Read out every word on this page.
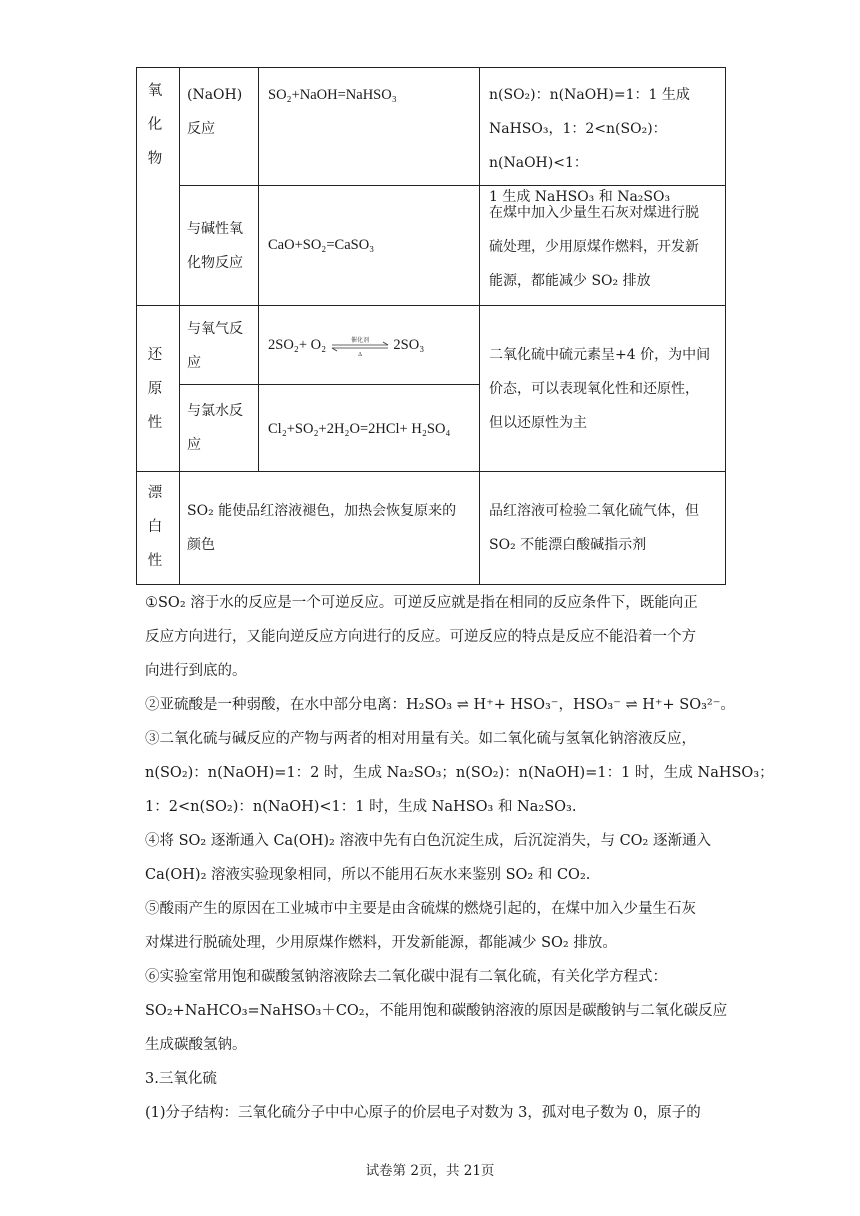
氧
化
物
(NaOH)
反应
SO₂+NaOH=NaHSO₃	n(SO₂)：n(NaOH)=1：1 生成
NaHSO₃，1：2<n(SO₂)：n(NaOH)<1：
1 生成 NaHSO₃ 和 Na₂SO₃
与碱性氧
化物反应
CaO+SO₂=CaSO₃
在煤中加入少量生石灰对煤进行脱
硫处理，少用原煤作燃料，开发新
能源，都能减少 SO₂ 排放
还
原
性
与氧气反
应
2SO₂+ O₂	催化剂
Δ
2SO₃
与氯水反
应
Cl₂+SO₂+2H₂O=2HCl+ H₂SO₄
二氧化硫中硫元素呈+4 价，为中间
价态，可以表现氧化性和还原性，
但以还原性为主
漂
白
性
SO₂ 能使品红溶液褪色，加热会恢复原来的
颜色
品红溶液可检验二氧化硫气体，但
SO₂ 不能漂白酸碱指示剂
①SO₂ 溶于水的反应是一个可逆反应。可逆反应就是指在相同的反应条件下，既能向正
反应方向进行，又能向逆反应方向进行的反应。可逆反应的特点是反应不能沿着一个方
向进行到底的。
②亚硫酸是一种弱酸，在水中部分电离：H₂SO₃ ⇌ H⁺+ HSO₃⁻，HSO₃⁻ ⇌ H⁺+ SO₃²⁻。
③二氧化硫与碱反应的产物与两者的相对用量有关。如二氧化硫与氢氧化钠溶液反应，
n(SO₂)：n(NaOH)=1：2 时，生成 Na₂SO₃；n(SO₂)：n(NaOH)=1：1 时，生成 NaHSO₃；
1：2<n(SO₂)：n(NaOH)<1：1 时，生成 NaHSO₃ 和 Na₂SO₃.
④将 SO₂ 逐渐通入 Ca(OH)₂ 溶液中先有白色沉淀生成，后沉淀消失，与 CO₂ 逐渐通入
Ca(OH)₂ 溶液实验现象相同，所以不能用石灰水来鉴别 SO₂ 和 CO₂.
⑤酸雨产生的原因在工业城市中主要是由含硫煤的燃烧引起的，在煤中加入少量生石灰
对煤进行脱硫处理，少用原煤作燃料，开发新能源，都能减少 SO₂ 排放。
⑥实验室常用饱和碳酸氢钠溶液除去二氧化碳中混有二氧化硫，有关化学方程式：
SO₂+NaHCO₃=NaHSO₃＋CO₂，不能用饱和碳酸钠溶液的原因是碳酸钠与二氧化碳反应
生成碳酸氢钠。
3.三氧化硫
(1)分子结构：三氧化硫分子中中心原子的价层电子对数为 3，孤对电子数为 0，原子的
试卷第 2页，共 21页
